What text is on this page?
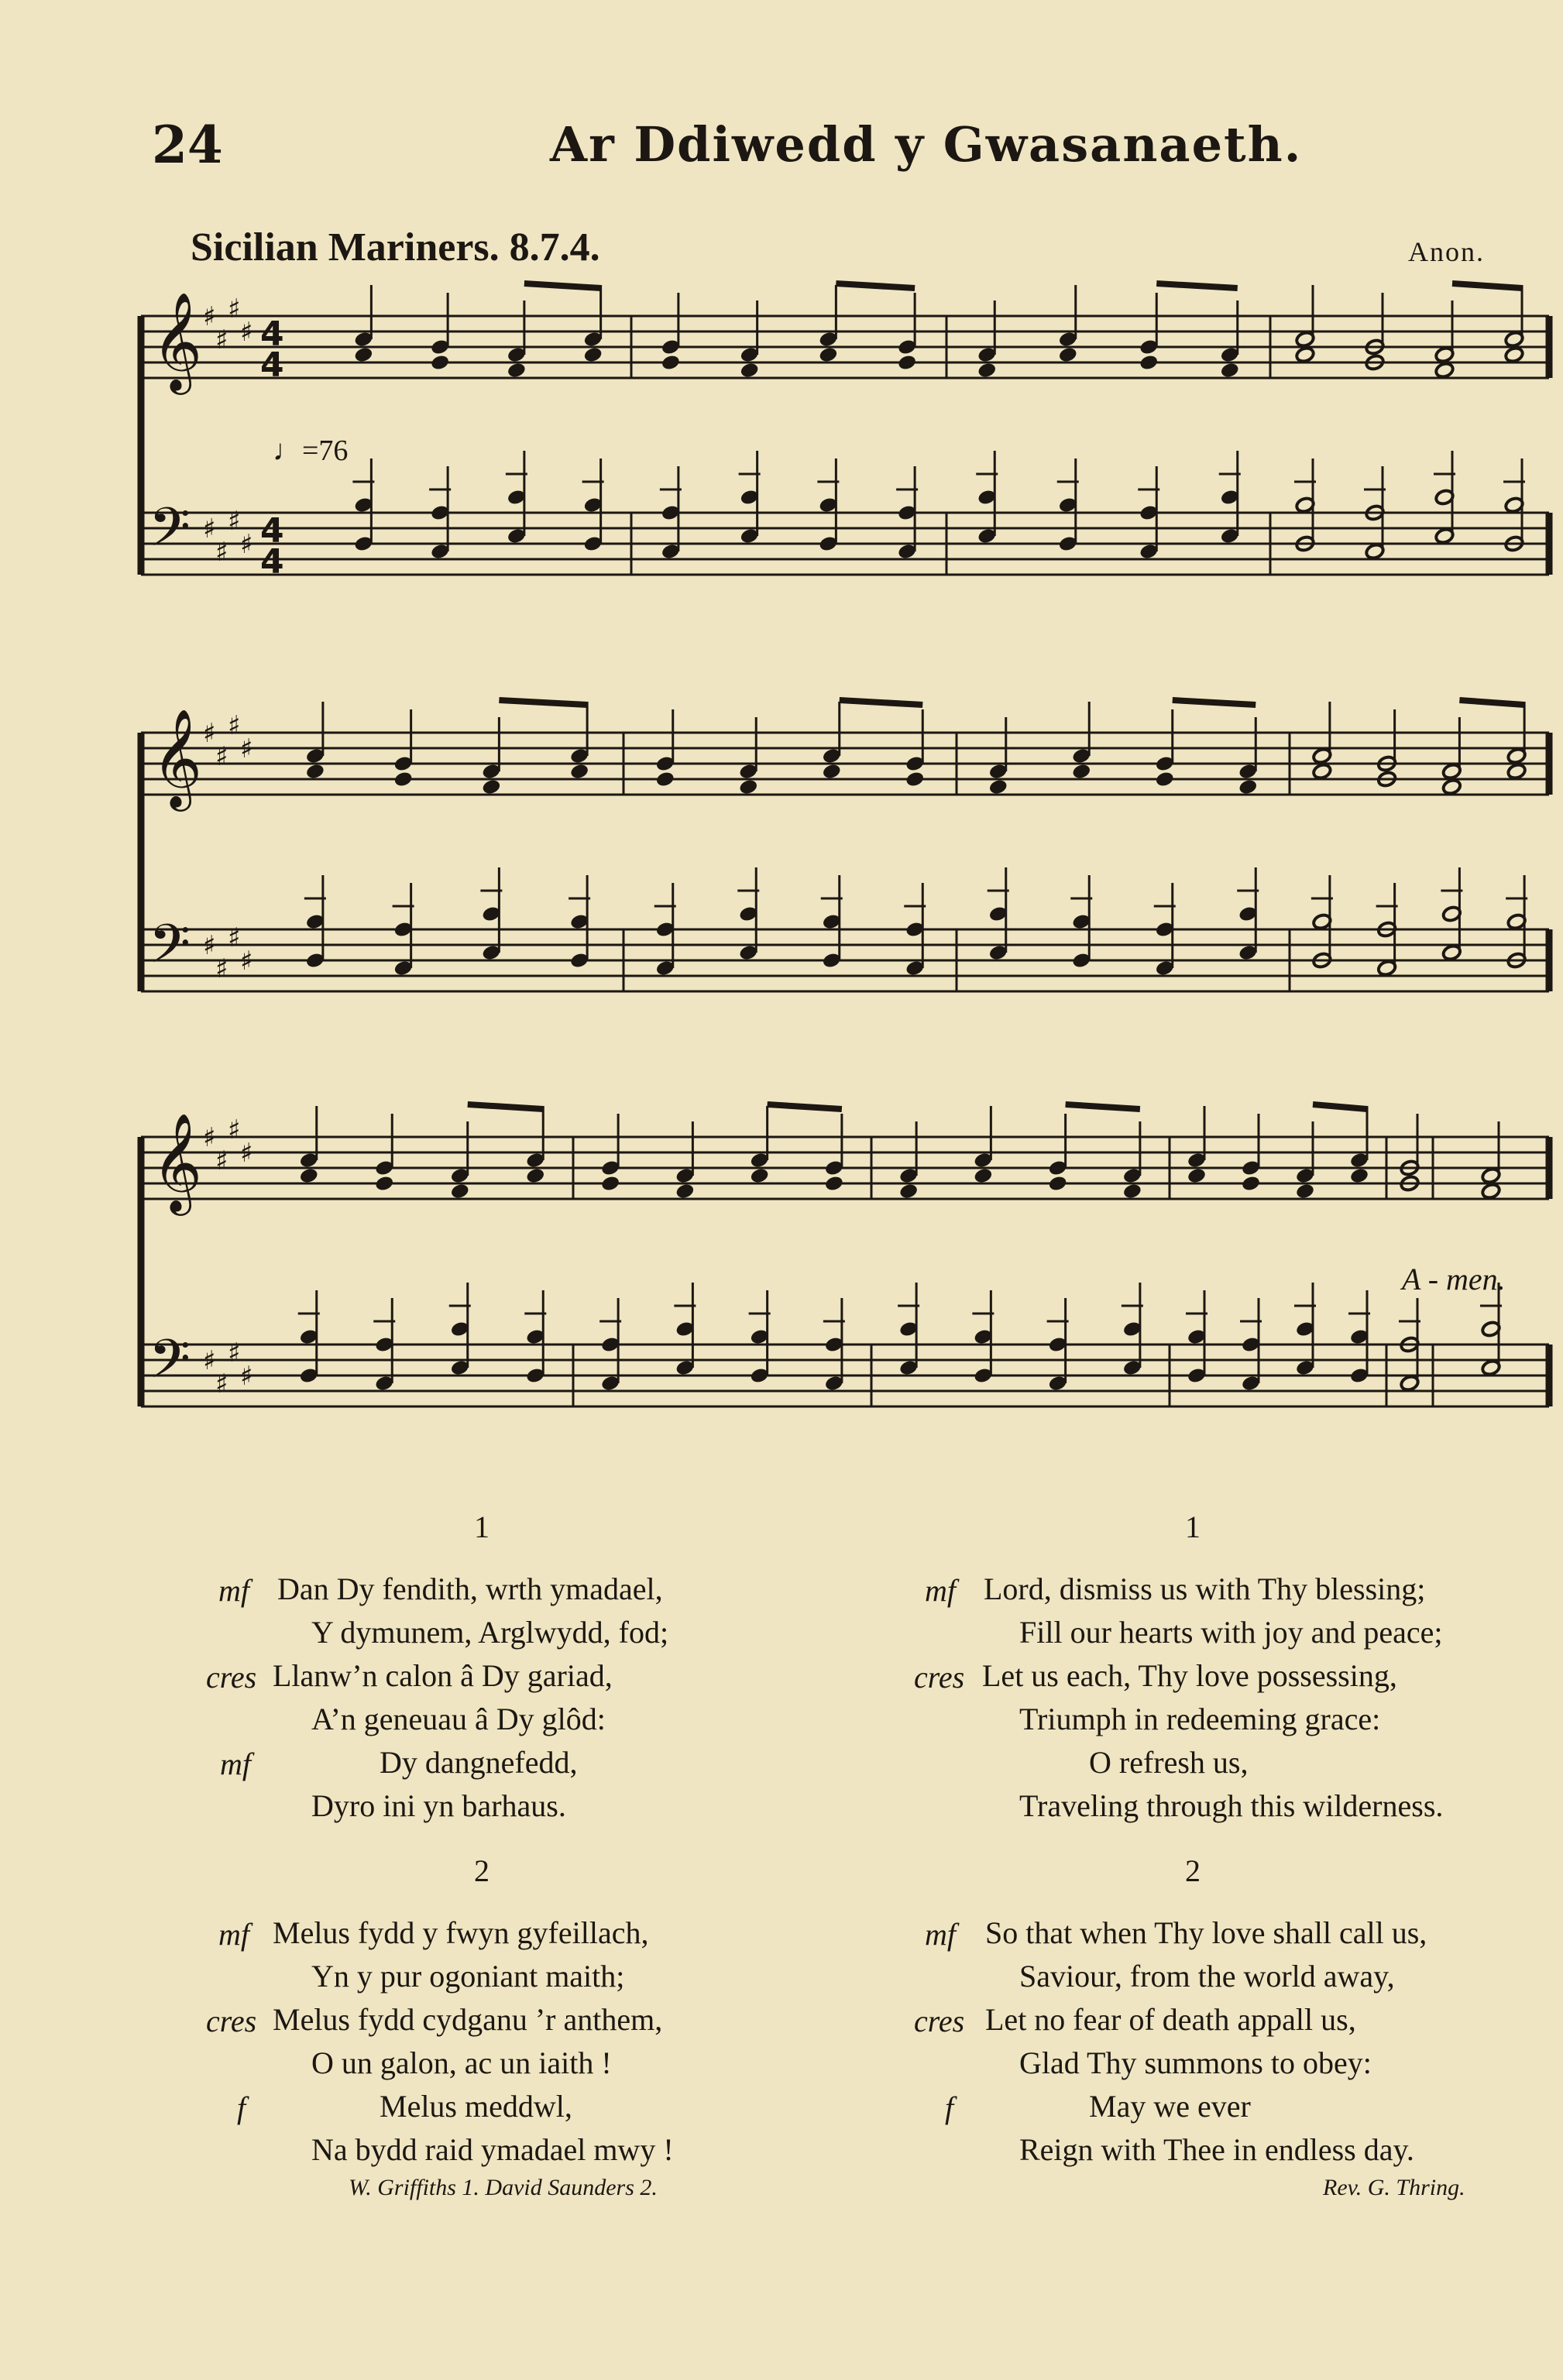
24	Ar Ddiwedd y Gwasanaeth.
Sicilian Mariners. 8.7.4.	Anon.
♩=76
A - men.
𝄞
𝄢
♯
♯
♯
♯
♯
♯
♯
♯
4
4
4
4
𝄞
𝄢
♯
♯
♯
♯
♯
♯
♯
♯
𝄞
𝄢
♯
♯
♯
♯
♯
♯
♯
♯
1
mf Dan Dy fendith, wrth ymadael,
Y dymunem, Arglwydd, fod;
cres Llanw’n calon â Dy gariad,
A’n geneuau â Dy glôd:
mf	Dy dangnefedd,
Dyro ini yn barhaus.
2
mf Melus fydd y fwyn gyfeillach,
Yn y pur ogoniant maith;
cres Melus fydd cydganu ’r anthem,
O un galon, ac un iaith !
f	Melus meddwl,
Na bydd raid ymadael mwy !
W. Griffiths 1. David Saunders 2.
1
mf Lord, dismiss us with Thy blessing;
Fill our hearts with joy and peace;
cres Let us each, Thy love possessing,
Triumph in redeeming grace:
O refresh us,
Traveling through this wilderness.
2
mf So that when Thy love shall call us,
Saviour, from the world away,
cres Let no fear of death appall us,
Glad Thy summons to obey:
f	May we ever
Reign with Thee in endless day.
Rev. G. Thring.
